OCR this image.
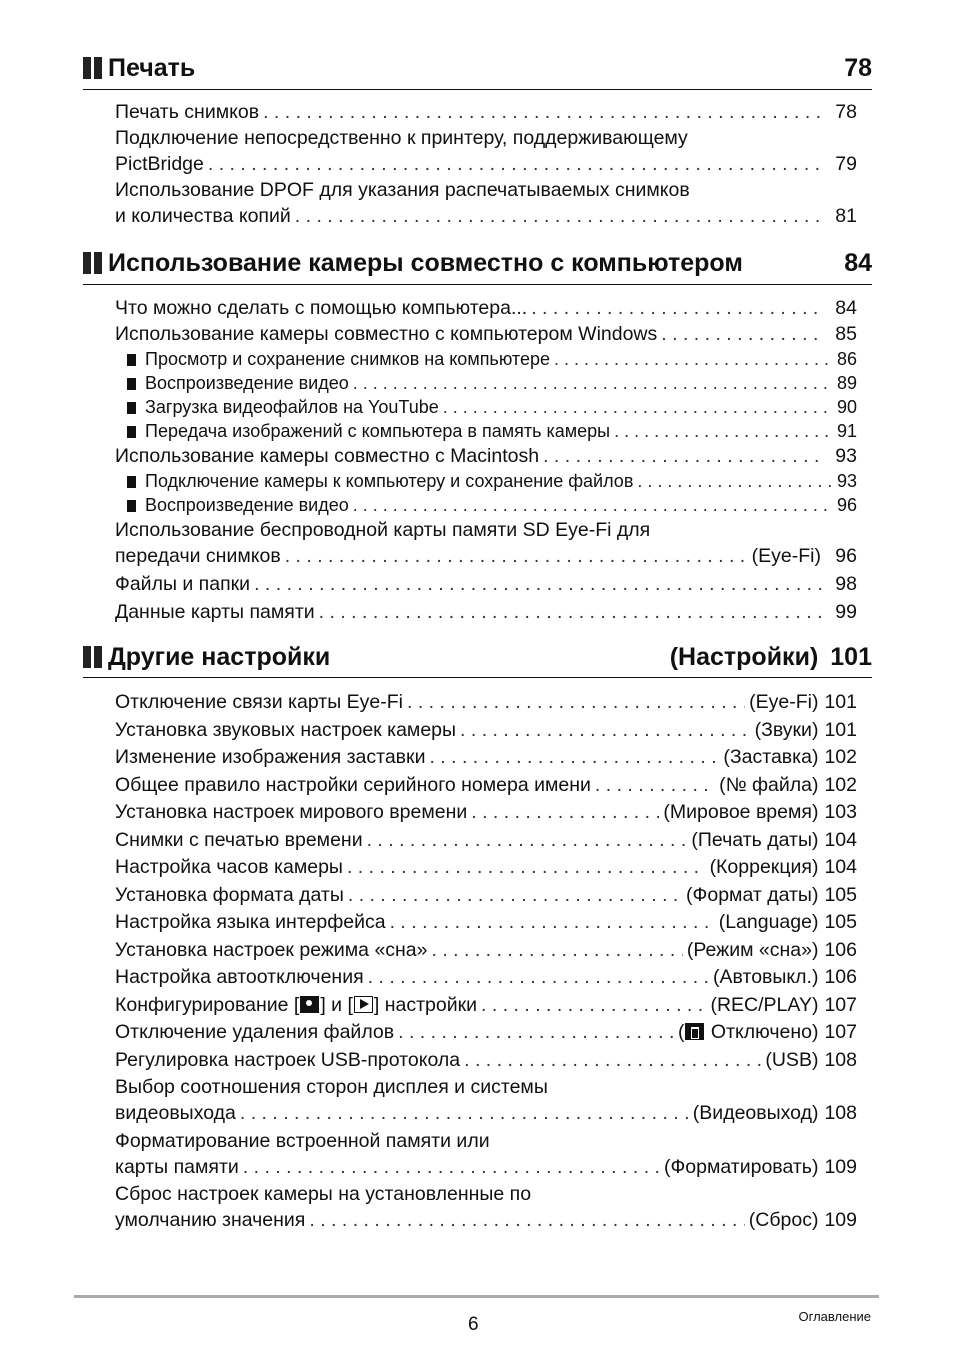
Печать	78
Печать снимков . . .	78
Подключение непосредственно к принтеру, поддерживающему
PictBridge . . .	79
Использование DPOF для указания распечатываемых снимков
и количества копий . . .	81
Использование камеры совместно с компьютером	84
Что можно сделать с помощью компьютера... . . .	84
Использование камеры совместно с компьютером Windows . . .	85
Просмотр и сохранение снимков на компьютере . . .	86
Воспроизведение видео . . .	89
Загрузка видеофайлов на YouTube . . .	90
Передача изображений с компьютера в память камеры . . .	91
Использование камеры совместно с Macintosh . . .	93
Подключение камеры к компьютеру и сохранение файлов . . .	93
Воспроизведение видео . . .	96
Использование беспроводной карты памяти SD Eye-Fi для
передачи снимков . . .	(Eye-Fi) 96
Файлы и папки . . .	98
Данные карты памяти . . .	99
Другие настройки	(Настройки) 101
Отключение связи карты Eye-Fi . . .	(Eye-Fi) 101
Установка звуковых настроек камеры . . .	(Звуки) 101
Изменение изображения заставки . . .	(Заставка) 102
Общее правило настройки серийного номера имени . . .	(№ файла) 102
Установка настроек мирового времени . . .	(Мировое время) 103
Снимки с печатью времени . . .	(Печать даты) 104
Настройка часов камеры . . .	(Коррекция) 104
Установка формата даты . . .	(Формат даты) 105
Настройка языка интерфейса . . .	(Language) 105
Установка настроек режима «сна» . . .	(Режим «сна») 106
Настройка автоотключения . . .	(Автовыкл.) 106
Конфигурирование [ ] и [ ] настройки . . .	(REC/PLAY) 107
Отключение удаления файлов . . .	( Отключено) 107
Регулировка настроек USB-протокола . . .	(USB) 108
Выбор соотношения сторон дисплея и системы
видеовыхода . . .	(Видеовыход) 108
Форматирование встроенной памяти или
карты памяти . . .	(Форматировать) 109
Сброс настроек камеры на установленные по
умолчанию значения . . .	(Сброс) 109
6	Оглавление
